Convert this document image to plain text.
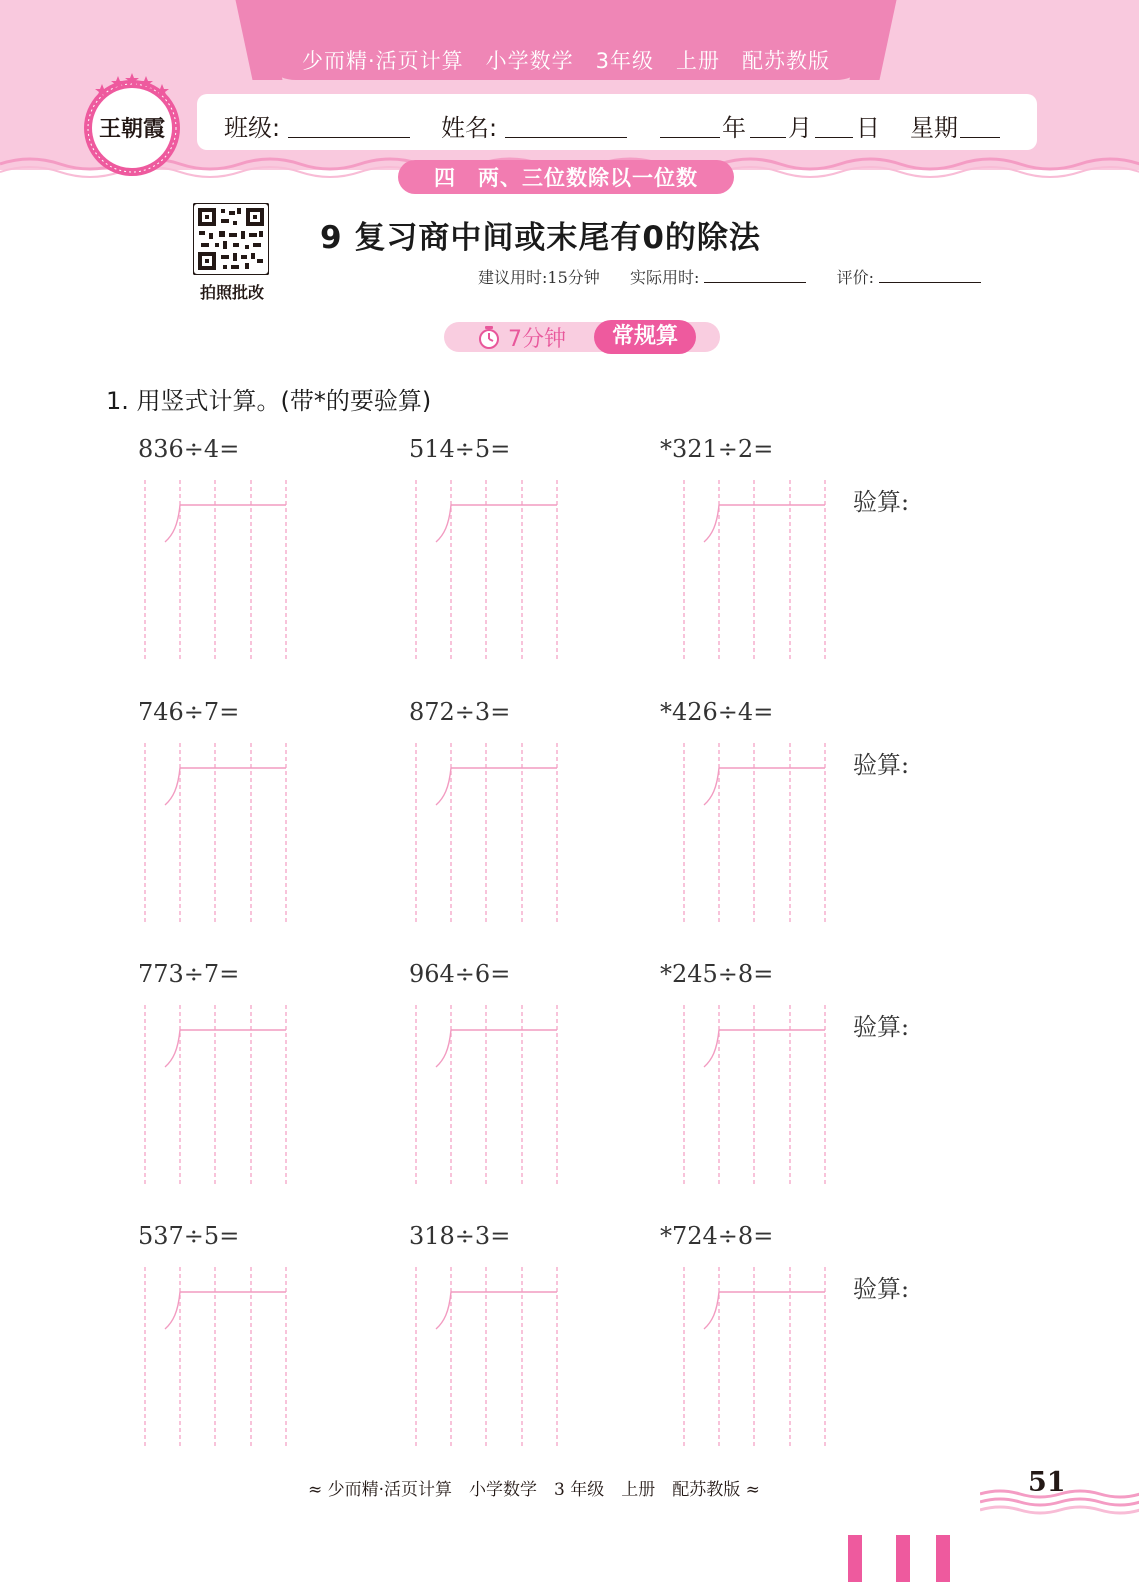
少而精·活页计算　小学数学　3年级　上册　配苏教版
班级:	姓名:	年 月 日 星期
王朝霞
四　两、三位数除以一位数
拍照批改
9 复习商中间或末尾有0的除法
建议用时:15分钟 实际用时:	评价:
7分钟	常规算
1. 用竖式计算。(带*的要验算)
836÷4=	514÷5=	*321÷2=
验算:
746÷7=	872÷3=	*426÷4=
验算:
773÷7=	964÷6=	*245÷8=
验算:
537÷5=	318÷3=	*724÷8=
验算:
≈ 少而精·活页计算　小学数学　3 年级　上册　配苏教版 ≈	51
